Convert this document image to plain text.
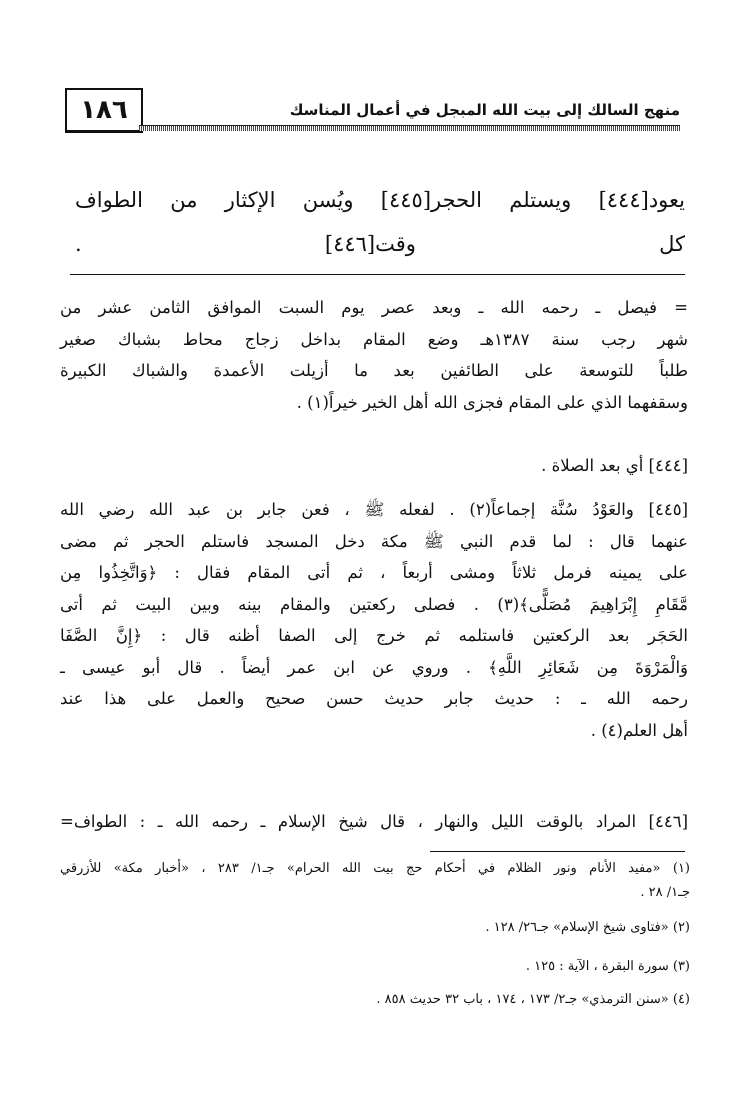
١٨٦	منهج السالك إلى بيت الله المبجل في أعمال المناسك
يعود[٤٤٤] ويستلم الحجر[٤٤٥] ويُسن الإكثار من الطواف
كل وقت[٤٤٦] .
= فيصل ـ رحمه الله ـ وبعد عصر يوم السبت الموافق الثامن عشر من
شهر رجب سنة ١٣٨٧هـ وضع المقام بداخل زجاج محاط بشباك صغير
طلباً للتوسعة على الطائفين بعد ما أزيلت الأعمدة والشباك الكبيرة
وسقفهما الذي على المقام فجزى الله أهل الخير خيراً(١) .
[٤٤٤] أي بعد الصلاة .
[٤٤٥] والعَوْدُ سُنَّة إجماعاً(٢) . لفعله ﷺ ، فعن جابر بن عبد الله رضي الله
عنهما قال : لما قدم النبي ﷺ مكة دخل المسجد فاستلم الحجر ثم مضى
على يمينه فرمل ثلاثاً ومشى أربعاً ، ثم أتى المقام فقال : ﴿وَاتَّخِذُوا مِن
مَّقَامِ إِبْرَاهِيمَ مُصَلًّى﴾(٣) . فصلى ركعتين والمقام بينه وبين البيت ثم أتى
الحَجَر بعد الركعتين فاستلمه ثم خرج إلى الصفا أظنه قال : ﴿إِنَّ الصَّفَا
وَالْمَرْوَةَ مِن شَعَائِرِ اللَّهِ﴾ . وروي عن ابن عمر أيضاً . قال أبو عيسى ـ
رحمه الله ـ : حديث جابر حديث حسن صحيح والعمل على هذا عند
أهل العلم(٤) .
[٤٤٦] المراد بالوقت الليل والنهار ، قال شيخ الإسلام ـ رحمه الله ـ : الطواف=
(١) «مفيد الأنام ونور الظلام في أحكام حج بيت الله الحرام» جـ١/ ٢٨٣ ، «أخبار مكة» للأزرقي
جـ١/ ٢٨ .
(٢) «فتاوى شيخ الإسلام» جـ٢٦/ ١٢٨ .
(٣) سورة البقرة ، الآية : ١٢٥ .
(٤) «سنن الترمذي» جـ٢/ ١٧٣ ، ١٧٤ ، باب ٣٢ حديث ٨٥٨ .
